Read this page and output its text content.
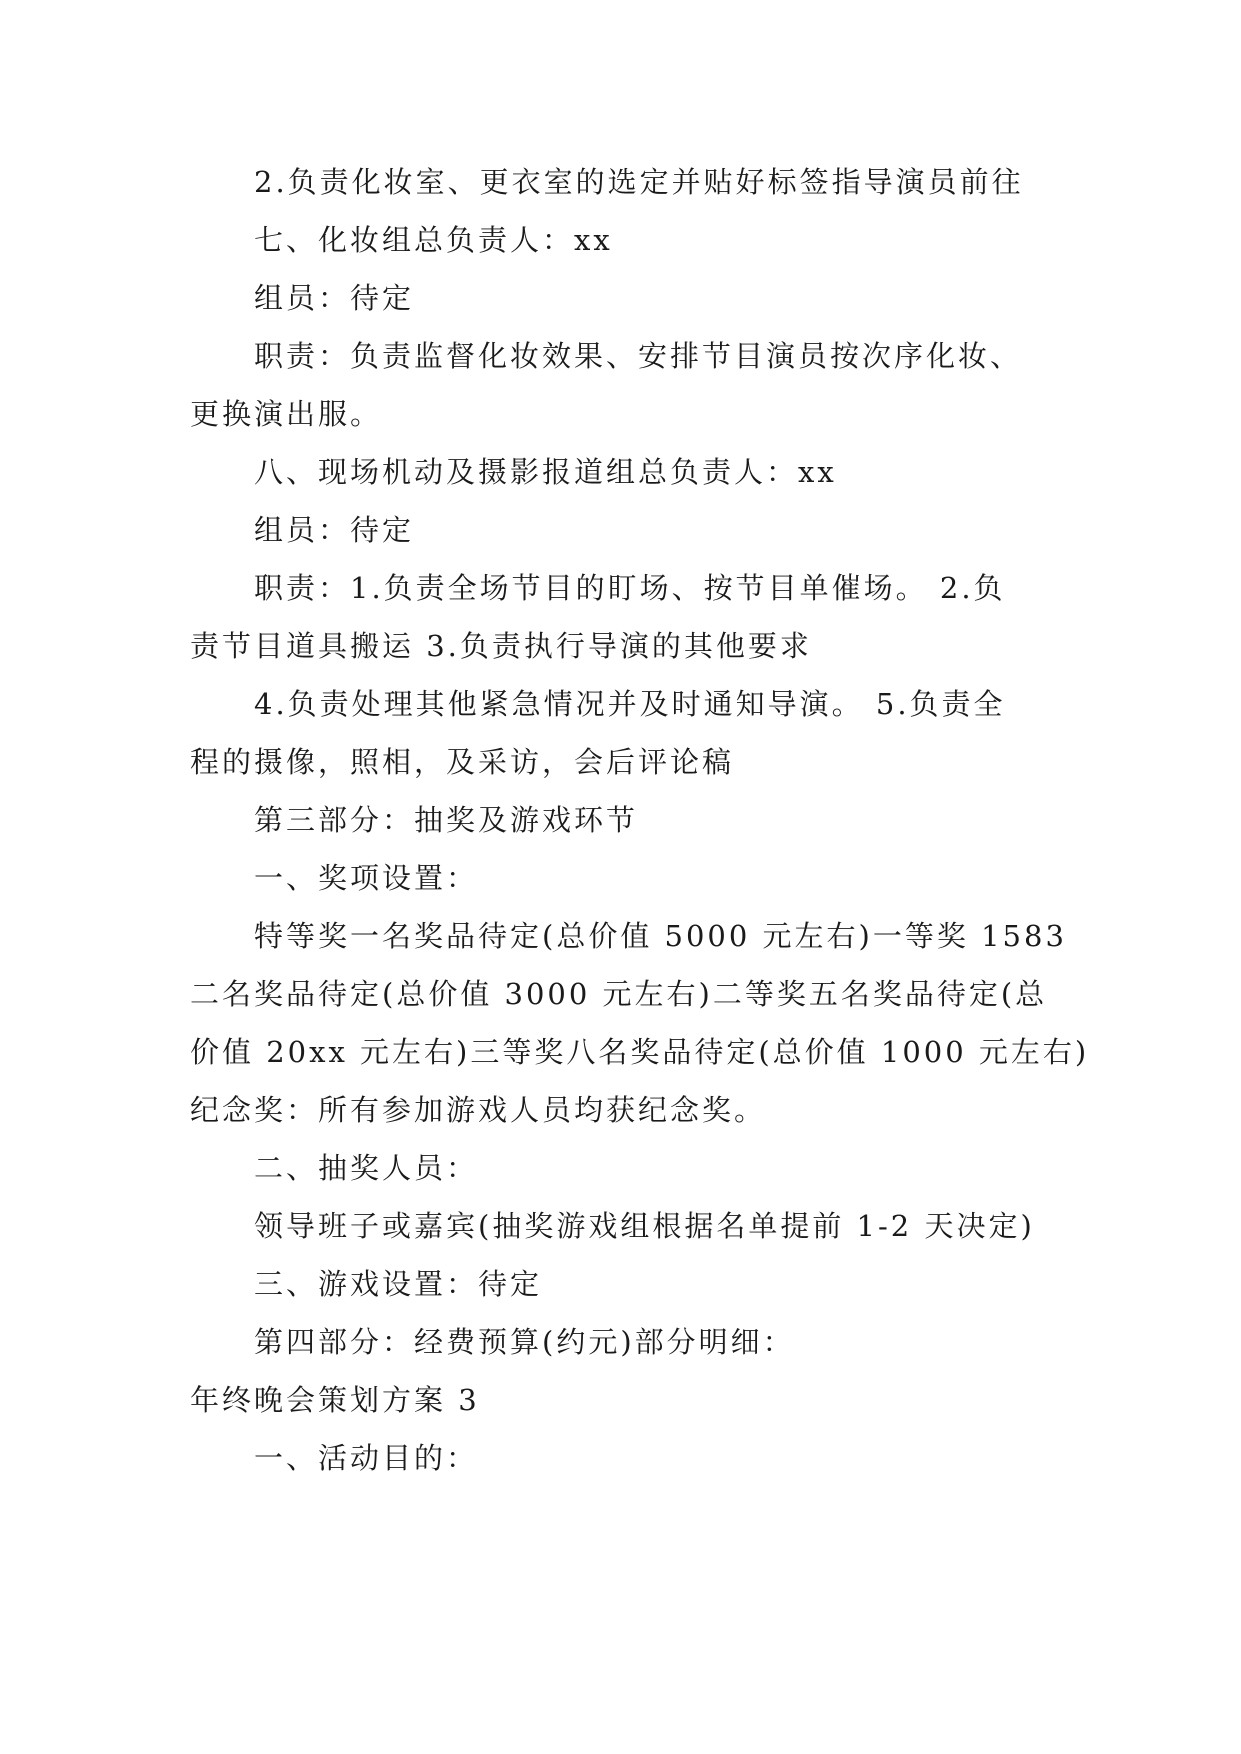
2.负责化妆室、更衣室的选定并贴好标签指导演员前往
七、化妆组总负责人：xx
组员：待定
职责：负责监督化妆效果、安排节目演员按次序化妆、
更换演出服。
八、现场机动及摄影报道组总负责人：xx
组员：待定
职责：1.负责全场节目的盯场、按节目单催场。 2.负
责节目道具搬运 3.负责执行导演的其他要求
4.负责处理其他紧急情况并及时通知导演。 5.负责全
程的摄像，照相，及采访，会后评论稿
第三部分：抽奖及游戏环节
一、奖项设置：
特等奖一名奖品待定(总价值 5000 元左右)一等奖 1583
二名奖品待定(总价值 3000 元左右)二等奖五名奖品待定(总
价值 20xx 元左右)三等奖八名奖品待定(总价值 1000 元左右)
纪念奖：所有参加游戏人员均获纪念奖。
二、抽奖人员：
领导班子或嘉宾(抽奖游戏组根据名单提前 1-2 天决定)
三、游戏设置：待定
第四部分：经费预算(约元)部分明细：
年终晚会策划方案 3
一、活动目的：
